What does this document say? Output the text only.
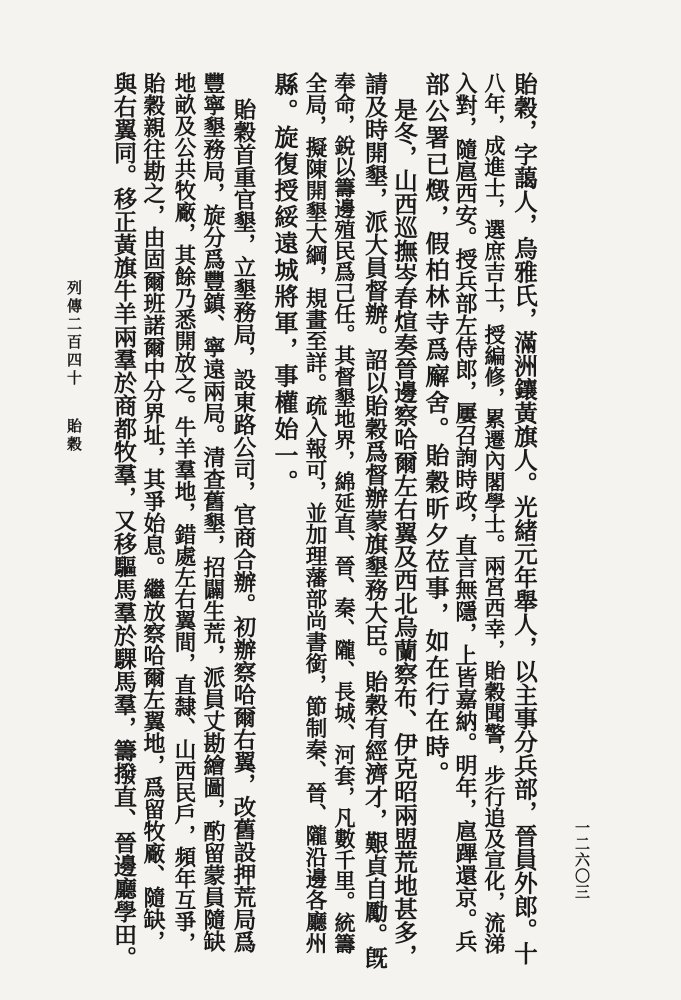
貽穀，字藹人，烏雅氏，滿洲鑲黃旗人。光緒元年舉人，以主事分兵部，晉員外郎。十
八年，成進士，選庶吉士，授編修，累遷內閣學士。兩宮西幸，貽穀聞警，步行追及宣化，流涕
入對，隨扈西安。授兵部左侍郎，屢召詢時政，直言無隱，上皆嘉納。明年，扈蹕還京。兵
部公署已燬，假柏林寺爲廨舍。貽穀昕夕莅事，如在行在時。
是冬，山西巡撫岑春煊奏晉邊察哈爾左右翼及西北烏蘭察布、伊克昭兩盟荒地甚多，
請及時開墾，派大員督辦。詔以貽穀爲督辦蒙旗墾務大臣。貽穀有經濟才，艱貞自勵。旣
奉命，銳以籌邊殖民爲己任。其督墾地界，綿延直、晉、秦、隴、長城、河套，凡數千里。統籌
全局，擬陳開墾大綱，規畫至詳。疏入報可，並加理藩部尚書銜，節制秦、晉、隴沿邊各廳州
縣。旋復授綏遠城將軍，事權始一。
貽穀首重官墾，立墾務局，設東路公司，官商合辦。初辦察哈爾右翼，改舊設押荒局爲
豐寧墾務局，旋分爲豐鎮、寧遠兩局。清查舊墾，招闢生荒，派員丈勘繪圖，酌留蒙員隨缺
地畝及公共牧廠，其餘乃悉開放之。牛羊羣地，錯處左右翼間，直隸、山西民戶，頻年互爭，
貽穀親往勘之，由固爾班諾爾中分界址，其爭始息。繼放察哈爾左翼地，爲留牧廠、隨缺，
與右翼同。移正黃旗牛羊兩羣於商都牧羣，又移驅馬羣於騍馬羣，籌撥直、晉邊廳學田。
列傳二百四十貽穀
一二六〇三
